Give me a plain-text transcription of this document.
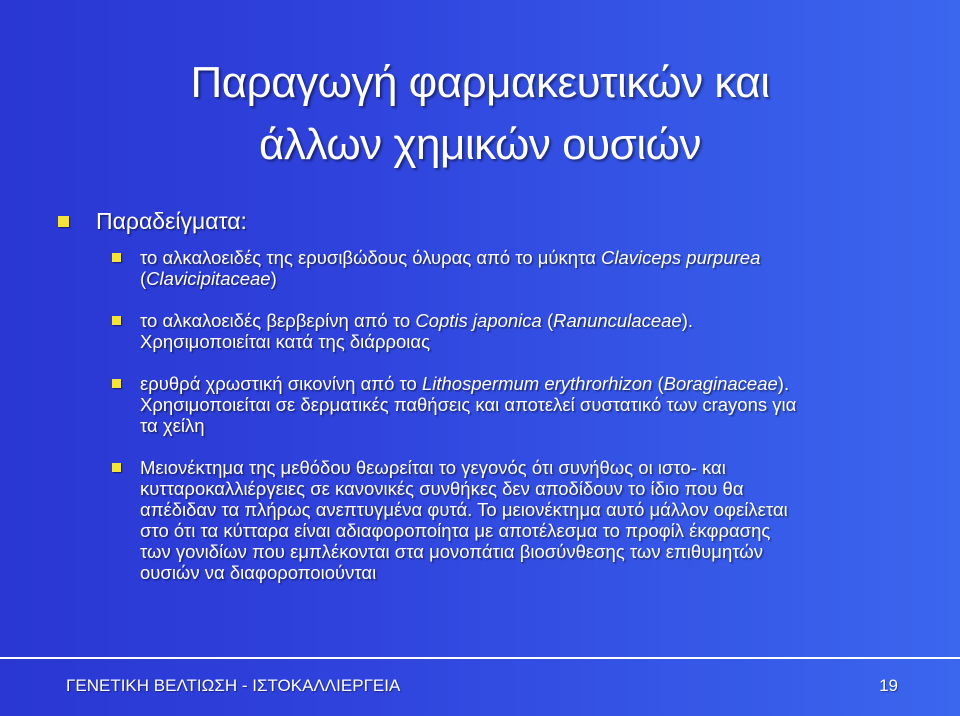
Παραγωγή φαρμακευτικών και
άλλων χημικών ουσιών
Παραδείγματα:

το αλκαλοειδές της ερυσιβώδους όλυρας από το μύκητα Claviceps purpurea

(Clavicipitaceae)

το αλκαλοειδές βερβερίνη από το Coptis japonica (Ranunculaceae).

Χρησιμοποιείται κατά της διάρροιας

ερυθρά χρωστική σικονίνη από το Lithospermum erythrorhizon (Boraginaceae).

Χρησιμοποιείται σε δερματικές παθήσεις και αποτελεί συστατικό των crayons για

τα χείλη

Μειονέκτημα της μεθόδου θεωρείται το γεγονός ότι συνήθως οι ιστο- και

κυτταροκαλλιέργειες σε κανονικές συνθήκες δεν αποδίδουν το ίδιο που θα

απέδιδαν τα πλήρως ανεπτυγμένα φυτά. Το μειονέκτημα αυτό μάλλον οφείλεται

στο ότι τα κύτταρα είναι αδιαφοροποίητα με αποτέλεσμα το προφίλ έκφρασης

των γονιδίων που εμπλέκονται στα μονοπάτια βιοσύνθεσης των επιθυμητών

ουσιών να διαφοροποιούνται

ΓΕΝΕΤΙΚΗ ΒΕΛΤΙΩΣΗ - ΙΣΤΟΚΑΛΛΙΕΡΓΕΙΑ	19
